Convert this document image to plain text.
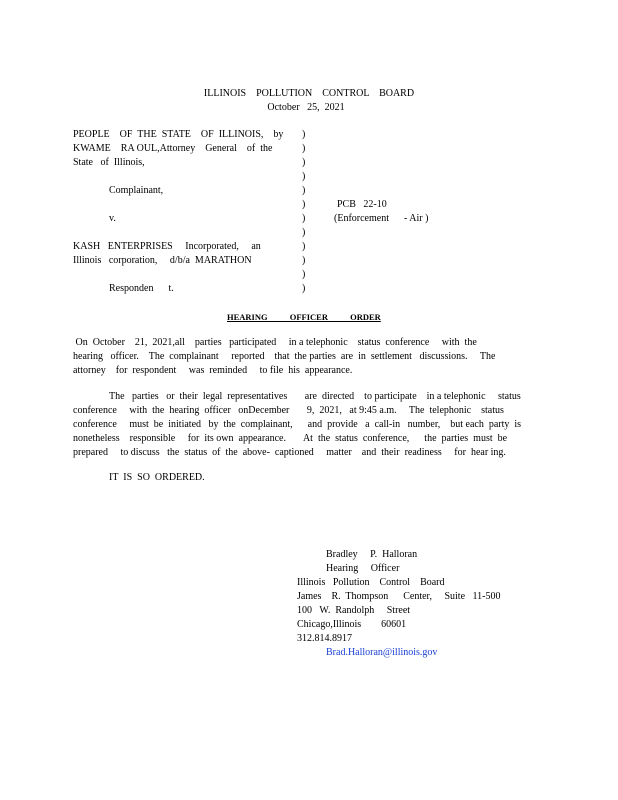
ILLINOIS    POLLUTION    CONTROL    BOARD
October   25,  2021
PEOPLE    OF  THE  STATE    OF  ILLINOIS,    by
KWAME    RA OUL,Attorney    General    of  the
State   of  Illinois,
Complainant,
v.
KASH   ENTERPRISES     Incorporated,     an
Illinois   corporation,     d/b/a  MARATHON
Responden      t.
)
)
)
)
)
)
)
)
)
)
)
)
PCB   22-10
(Enforcement      - Air )
HEARING OFFICER ORDER
On  October    21,  2021,all    parties   participated     in a telephonic    status  conference     with  the
hearing   officer.    The  complainant     reported    that  the parties  are  in  settlement   discussions.     The
attorney    for  respondent     was  reminded     to file  his  appearance.
The   parties   or  their  legal  representatives       are  directed    to participate    in a telephonic     status
conference     with  the  hearing  officer   onDecember       9,  2021,   at 9:45 a.m.     The  telephonic    status
conference     must  be  initiated   by  the  complainant,      and  provide   a  call-in   number,    but each  party  is
nonetheless    responsible     for  its own  appearance.       At  the  status  conference,      the  parties  must  be
prepared     to discuss   the  status  of  the  above-  captioned     matter    and  their  readiness     for  hear ing.
IT  IS  SO  ORDERED.
Bradley     P.  Halloran
Hearing     Officer
Illinois   Pollution    Control    Board
James    R.  Thompson      Center,     Suite   11-500
100   W.  Randolph     Street
Chicago,Illinois        60601
312.814.8917
Brad.Halloran@illinois.gov
